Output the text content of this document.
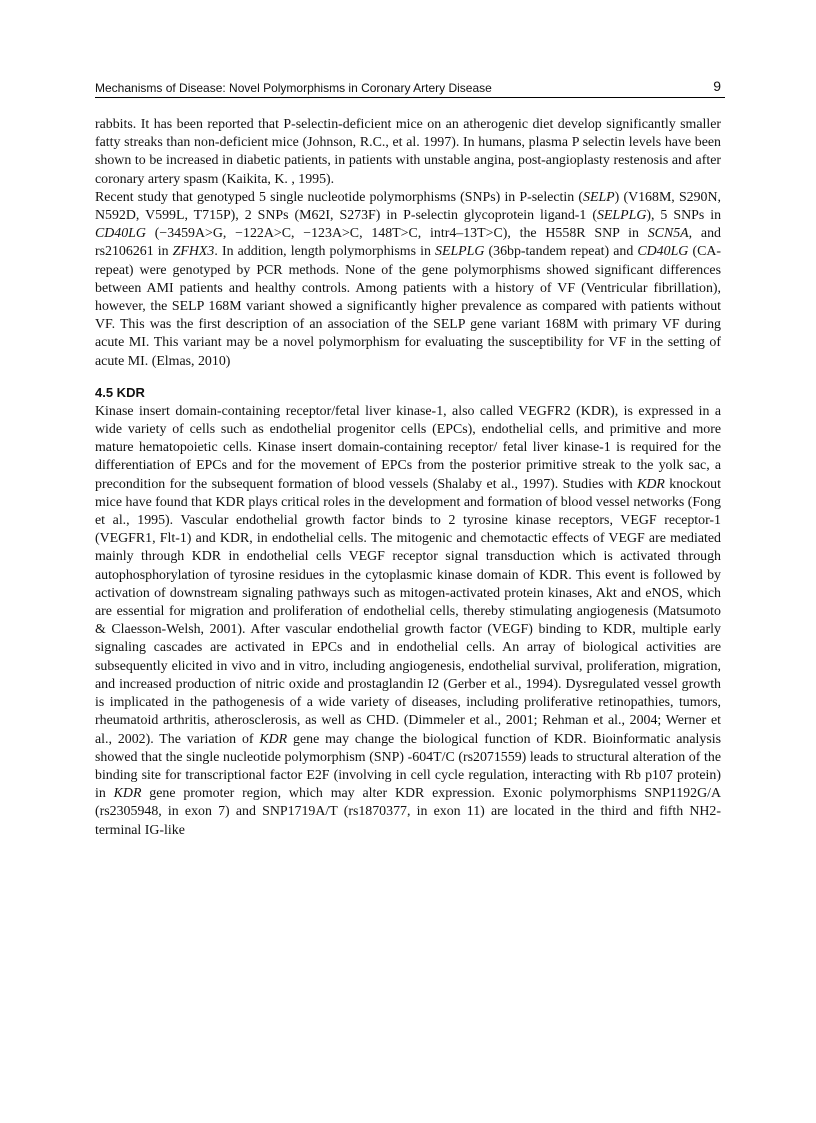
Mechanisms of Disease: Novel Polymorphisms in Coronary Artery Disease	9

rabbits. It has been reported that P-selectin-deficient mice on an atherogenic diet develop significantly smaller fatty streaks than non-deficient mice (Johnson, R.C., et al. 1997). In humans, plasma P selectin levels have been shown to be increased in diabetic patients, in patients with unstable angina, post-angioplasty restenosis and after coronary artery spasm (Kaikita, K. , 1995).

Recent study that genotyped 5 single nucleotide polymorphisms (SNPs) in P-selectin (SELP) (V168M, S290N, N592D, V599L, T715P), 2 SNPs (M62I, S273F) in P-selectin glycoprotein ligand-1 (SELPLG), 5 SNPs in CD40LG (−3459A>G, −122A>C, −123A>C, 148T>C, intr4–13T>C), the H558R SNP in SCN5A, and rs2106261 in ZFHX3. In addition, length polymorphisms in SELPLG (36bp-tandem repeat) and CD40LG (CA-repeat) were genotyped by PCR methods. None of the gene polymorphisms showed significant differences between AMI patients and healthy controls. Among patients with a history of VF (Ventricular fibrillation), however, the SELP 168M variant showed a significantly higher prevalence as compared with patients without VF. This was the first description of an association of the SELP gene variant 168M with primary VF during acute MI. This variant may be a novel polymorphism for evaluating the susceptibility for VF in the setting of acute MI. (Elmas, 2010)

4.5 KDR

Kinase insert domain-containing receptor/fetal liver kinase-1, also called VEGFR2 (KDR), is expressed in a wide variety of cells such as endothelial progenitor cells (EPCs), endothelial cells, and primitive and more mature hematopoietic cells. Kinase insert domain-containing receptor/ fetal liver kinase-1 is required for the differentiation of EPCs and for the movement of EPCs from the posterior primitive streak to the yolk sac, a precondition for the subsequent formation of blood vessels (Shalaby et al., 1997). Studies with KDR knockout mice have found that KDR plays critical roles in the development and formation of blood vessel networks (Fong et al., 1995). Vascular endothelial growth factor binds to 2 tyrosine kinase receptors, VEGF receptor-1 (VEGFR1, Flt-1) and KDR, in endothelial cells. The mitogenic and chemotactic effects of VEGF are mediated mainly through KDR in endothelial cells VEGF receptor signal transduction which is activated through autophosphorylation of tyrosine residues in the cytoplasmic kinase domain of KDR. This event is followed by activation of downstream signaling pathways such as mitogen-activated protein kinases, Akt and eNOS, which are essential for migration and proliferation of endothelial cells, thereby stimulating angiogenesis (Matsumoto & Claesson-Welsh, 2001). After vascular endothelial growth factor (VEGF) binding to KDR, multiple early signaling cascades are activated in EPCs and in endothelial cells. An array of biological activities are subsequently elicited in vivo and in vitro, including angiogenesis, endothelial survival, proliferation, migration, and increased production of nitric oxide and prostaglandin I2 (Gerber et al., 1994). Dysregulated vessel growth is implicated in the pathogenesis of a wide variety of diseases, including proliferative retinopathies, tumors, rheumatoid arthritis, atherosclerosis, as well as CHD. (Dimmeler et al., 2001; Rehman et al., 2004; Werner et al., 2002). The variation of KDR gene may change the biological function of KDR. Bioinformatic analysis showed that the single nucleotide polymorphism (SNP) -604T/C (rs2071559) leads to structural alteration of the binding site for transcriptional factor E2F (involving in cell cycle regulation, interacting with Rb p107 protein) in KDR gene promoter region, which may alter KDR expression. Exonic polymorphisms SNP1192G/A (rs2305948, in exon 7) and SNP1719A/T (rs1870377, in exon 11) are located in the third and fifth NH2-terminal IG-like
